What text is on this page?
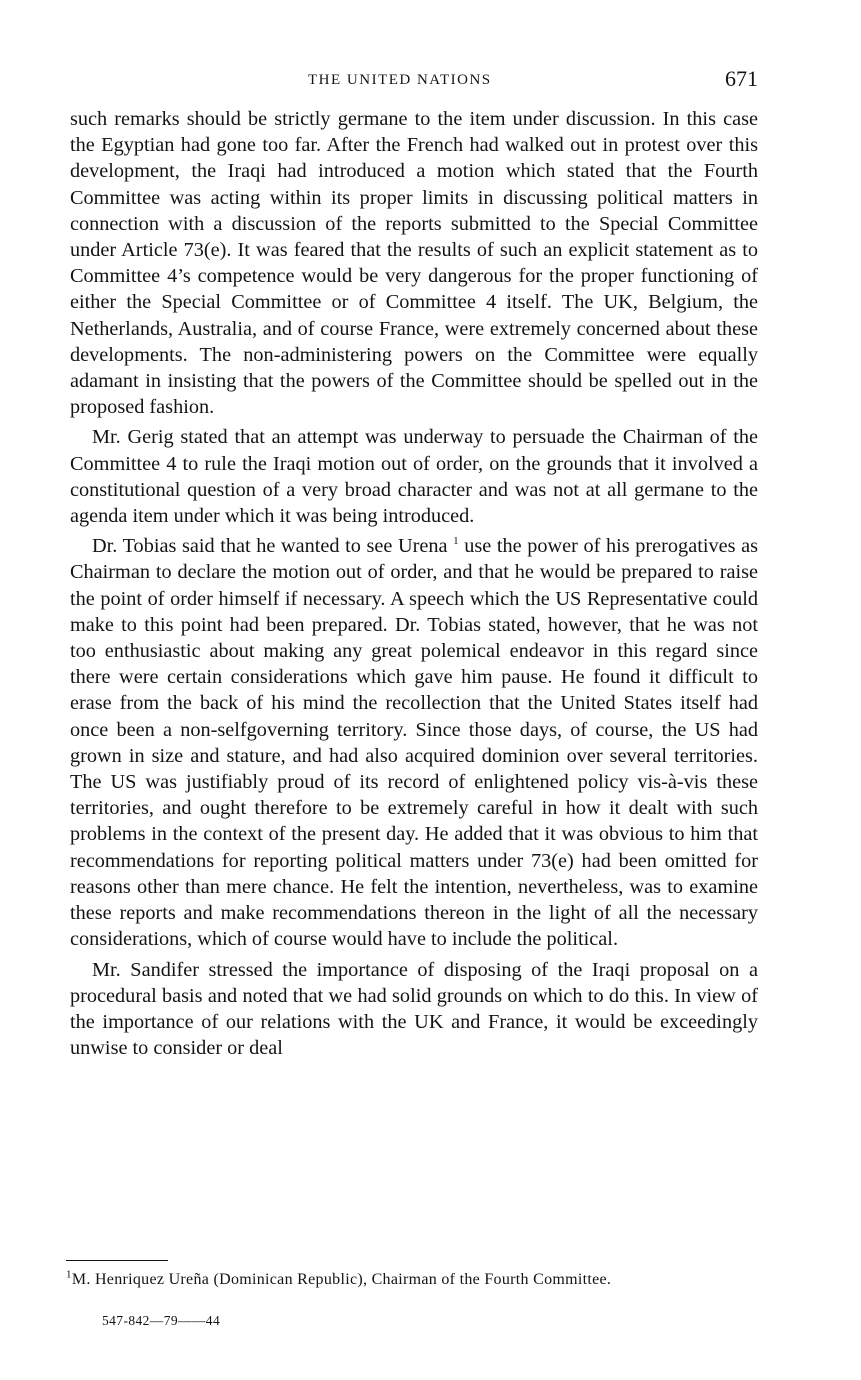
THE UNITED NATIONS	671

such remarks should be strictly germane to the item under discussion. In this case the Egyptian had gone too far. After the French had walked out in protest over this development, the Iraqi had introduced a motion which stated that the Fourth Committee was acting within its proper limits in discussing political matters in connection with a discussion of the reports submitted to the Special Committee under Article 73(e). It was feared that the results of such an explicit statement as to Committee 4’s competence would be very dangerous for the proper functioning of either the Special Committee or of Committee 4 itself. The UK, Belgium, the Netherlands, Australia, and of course France, were extremely concerned about these developments. The non-administering powers on the Committee were equally adamant in insisting that the powers of the Committee should be spelled out in the proposed fashion.

Mr. Gerig stated that an attempt was underway to persuade the Chairman of the Committee 4 to rule the Iraqi motion out of order, on the grounds that it involved a constitutional question of a very broad character and was not at all germane to the agenda item under which it was being introduced.

Dr. Tobias said that he wanted to see Urena $^1$ use the power of his prerogatives as Chairman to declare the motion out of order, and that he would be prepared to raise the point of order himself if necessary. A speech which the US Representative could make to this point had been prepared. Dr. Tobias stated, however, that he was not too enthusiastic about making any great polemical endeavor in this regard since there were certain considerations which gave him pause. He found it difficult to erase from the back of his mind the recollection that the United States itself had once been a non-selfgoverning territory. Since those days, of course, the US had grown in size and stature, and had also acquired dominion over several territories. The US was justifiably proud of its record of enlightened policy vis-à-vis these territories, and ought therefore to be extremely careful in how it dealt with such problems in the context of the present day. He added that it was obvious to him that recommendations for reporting political matters under 73(e) had been omitted for reasons other than mere chance. He felt the intention, nevertheless, was to examine these reports and make recommendations thereon in the light of all the necessary considerations, which of course would have to include the political.

Mr. Sandifer stressed the importance of disposing of the Iraqi proposal on a procedural basis and noted that we had solid grounds on which to do this. In view of the importance of our relations with the UK and France, it would be exceedingly unwise to consider or deal

$^1$M. Henriquez Ureña (Dominican Republic), Chairman of the Fourth Committee.
547-842—79——44
